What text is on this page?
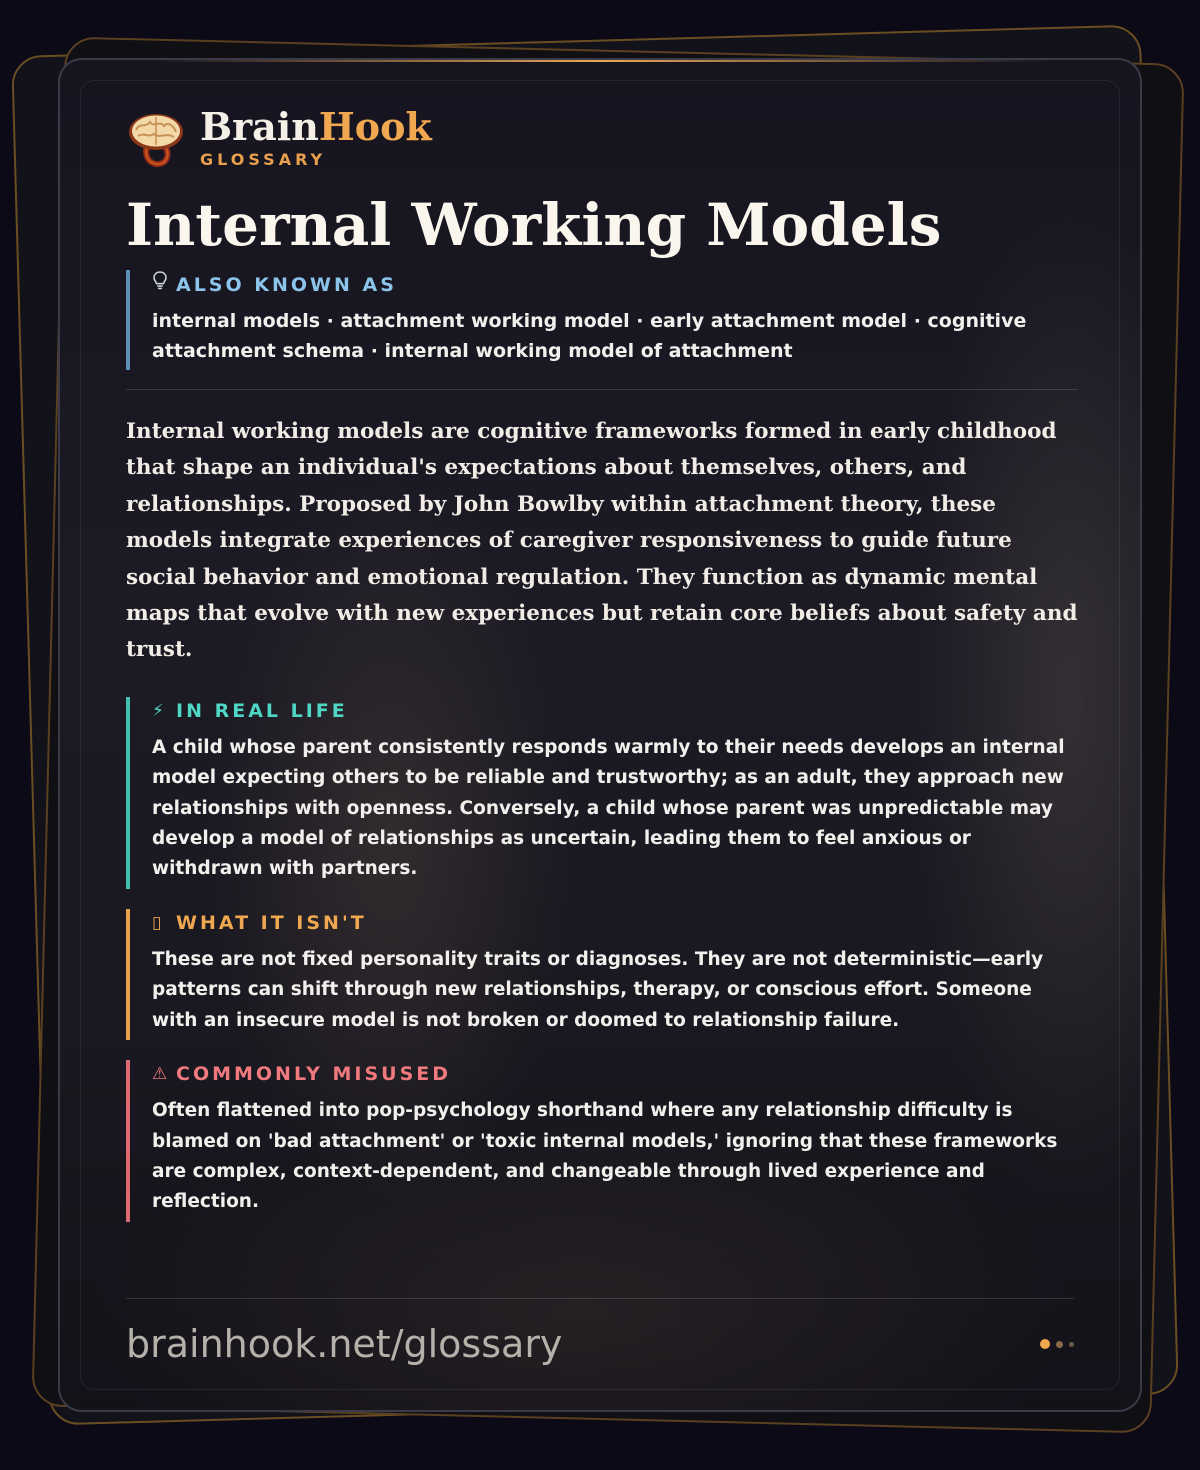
BrainHook
GLOSSARY
Internal Working Models
ALSO KNOWN AS
internal models · attachment working model · early attachment model · cognitive attachment schema · internal working model of attachment

Internal working models are cognitive frameworks formed in early childhood that shape an individual's expectations about themselves, others, and relationships. Proposed by John Bowlby within attachment theory, these models integrate experiences of caregiver responsiveness to guide future social behavior and emotional regulation. They function as dynamic mental maps that evolve with new experiences but retain core beliefs about safety and trust.

⚡ IN REAL LIFE
A child whose parent consistently responds warmly to their needs develops an internal model expecting others to be reliable and trustworthy; as an adult, they approach new relationships with openness. Conversely, a child whose parent was unpredictable may develop a model of relationships as uncertain, leading them to feel anxious or withdrawn with partners.
▯ WHAT IT ISN'T
These are not fixed personality traits or diagnoses. They are not deterministic—early patterns can shift through new relationships, therapy, or conscious effort. Someone with an insecure model is not broken or doomed to relationship failure.
⚠ COMMONLY MISUSED
Often flattened into pop-psychology shorthand where any relationship difficulty is blamed on 'bad attachment' or 'toxic internal models,' ignoring that these frameworks are complex, context-dependent, and changeable through lived experience and reflection.
brainhook.net/glossary
